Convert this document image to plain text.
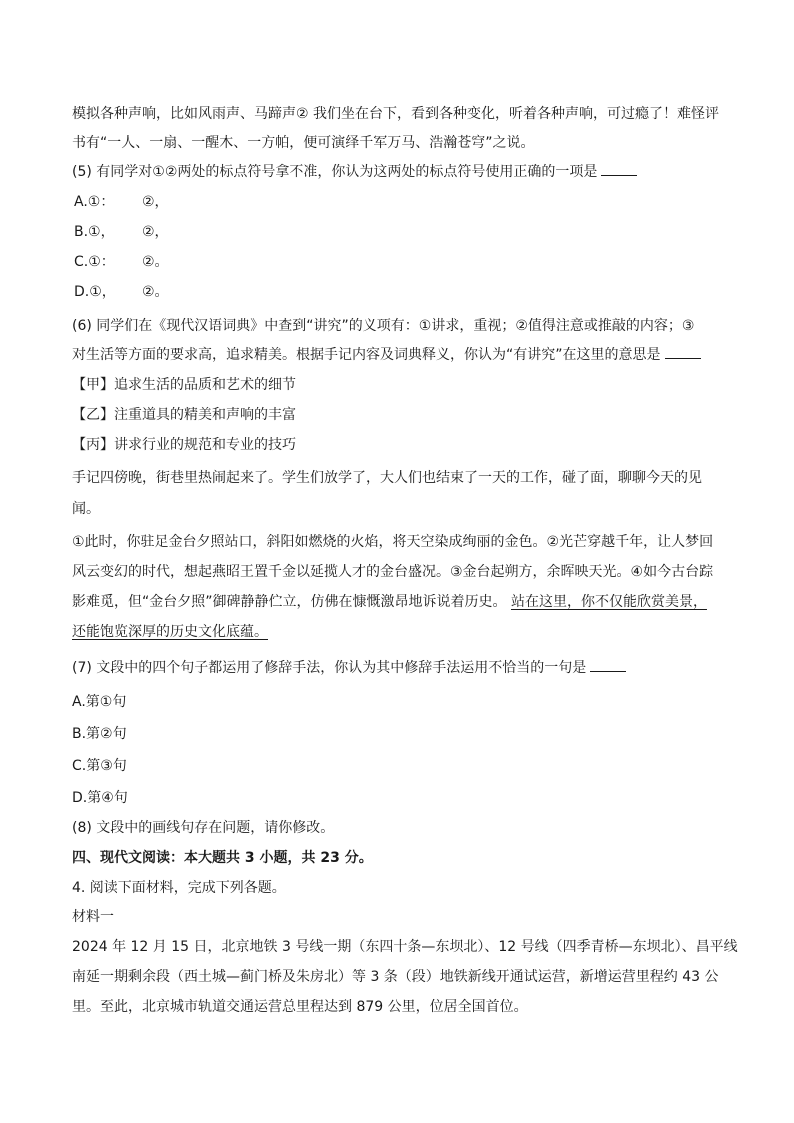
模拟各种声响，比如风雨声、马蹄声② 我们坐在台下，看到各种变化，听着各种声响，可过瘾了！难怪评
书有“一人、一扇、一醒木、一方帕，便可演绎千军万马、浩瀚苍穹”之说。
(5) 有同学对①②两处的标点符号拿不准，你认为这两处的标点符号使用正确的一项是
A.①： ②，
B.①， ②，
C.①： ②。
D.①， ②。
(6) 同学们在《现代汉语词典》中查到“讲究”的义项有：①讲求，重视；②值得注意或推敲的内容；③
对生活等方面的要求高，追求精美。根据手记内容及词典释义，你认为“有讲究”在这里的意思是
【甲】追求生活的品质和艺术的细节
【乙】注重道具的精美和声响的丰富
【丙】讲求行业的规范和专业的技巧
手记四傍晚，街巷里热闹起来了。学生们放学了，大人们也结束了一天的工作，碰了面，聊聊今天的见
闻。
①此时，你驻足金台夕照站口，斜阳如燃烧的火焰，将天空染成绚丽的金色。②光芒穿越千年，让人梦回
风云变幻的时代，想起燕昭王置千金以延揽人才的金台盛况。③金台起朔方，余晖映天光。④如今古台踪
影难觅，但“金台夕照”御碑静静伫立，仿佛在慷慨激昂地诉说着历史。 站在这里，你不仅能欣赏美景，
还能饱览深厚的历史文化底蕴。
(7) 文段中的四个句子都运用了修辞手法，你认为其中修辞手法运用不恰当的一句是
A.第①句
B.第②句
C.第③句
D.第④句
(8) 文段中的画线句存在问题，请你修改。
四、现代文阅读：本大题共 3 小题，共 23 分。
4. 阅读下面材料，完成下列各题。
材料一
2024 年 12 月 15 日，北京地铁 3 号线一期（东四十条—东坝北）、12 号线（四季青桥—东坝北）、昌平线
南延一期剩余段（西土城—蓟门桥及朱房北）等 3 条（段）地铁新线开通试运营，新增运营里程约 43 公
里。至此，北京城市轨道交通运营总里程达到 879 公里，位居全国首位。
